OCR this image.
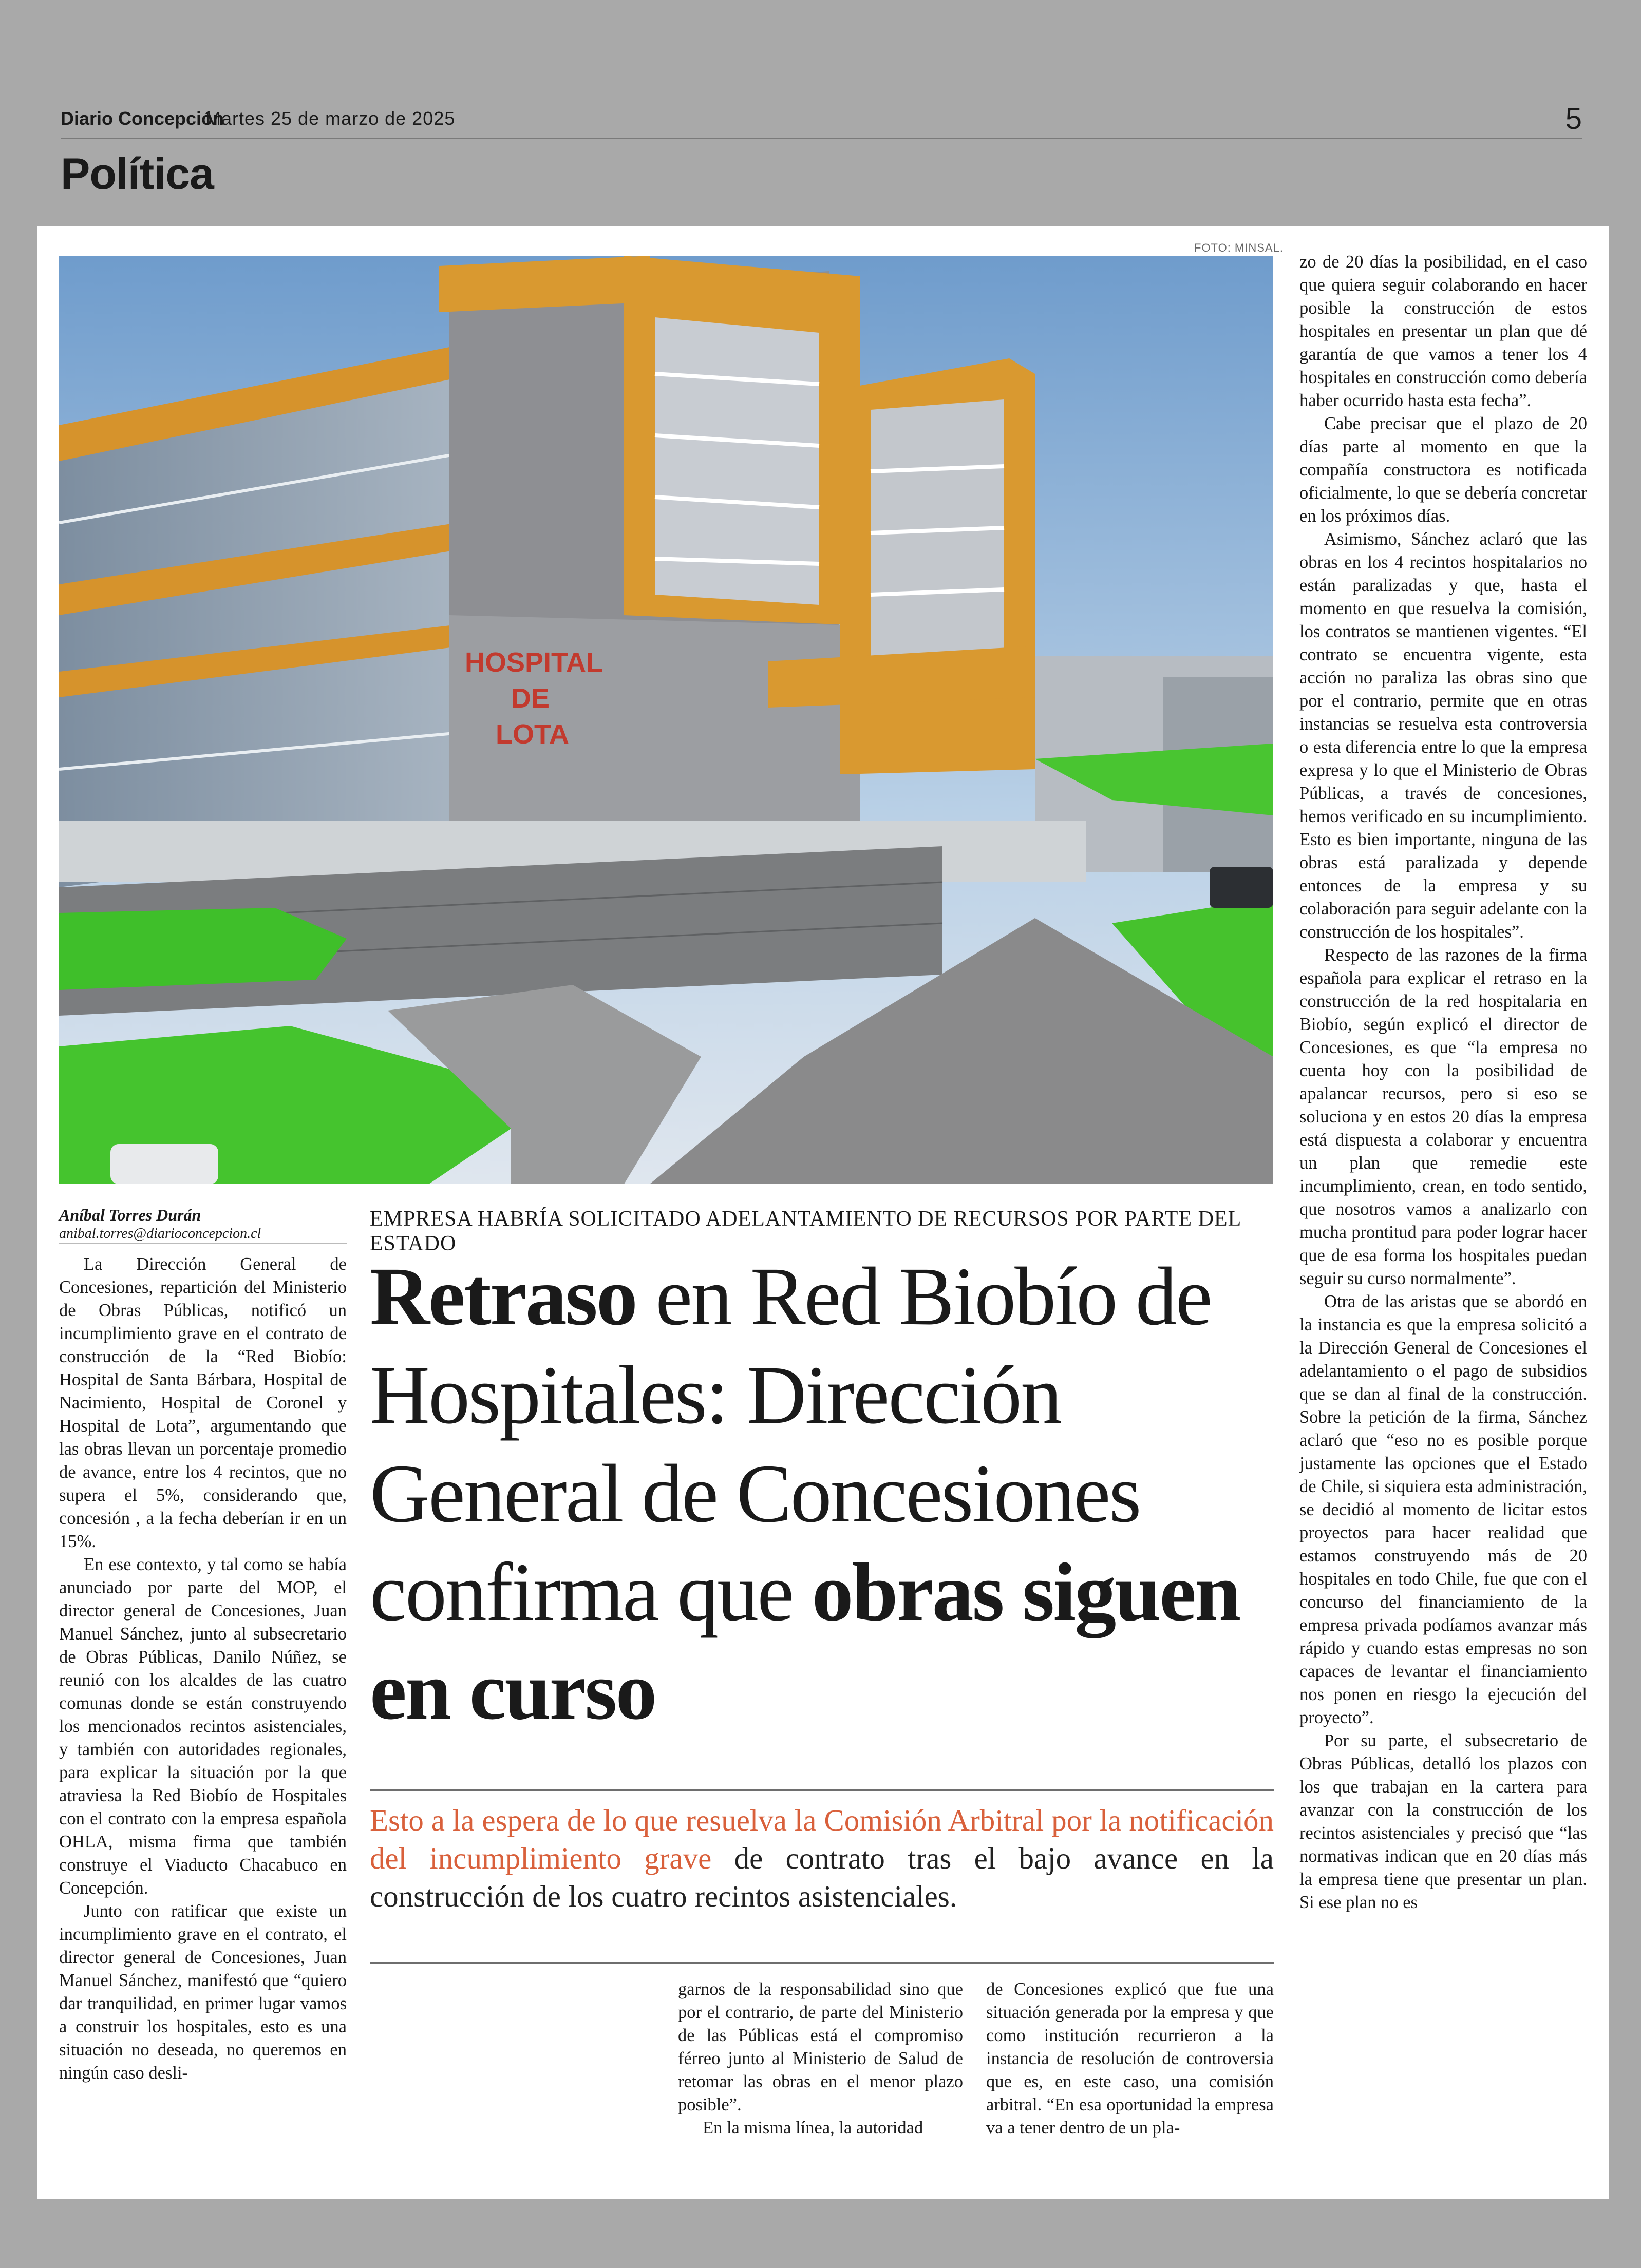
Diario Concepción
Martes 25 de marzo de 2025	5
Política
FOTO: MINSAL.
HOSPITAL
DE
LOTA
Aníbal Torres Durán
anibal.torres@diarioconcepcion.cl

La Dirección General de Concesiones, repartición del Ministerio de Obras Públicas, notificó un incumplimiento grave en el contrato de construcción de la “Red Biobío: Hospital de Santa Bárbara, Hospital de Nacimiento, Hospital de Coronel y Hospital de Lota”, argumentando que las obras llevan un porcentaje promedio de avance, entre los 4 recintos, que no supera el 5%, considerando que, concesión , a la fecha deberían ir en un 15%.

En ese contexto, y tal como se había anunciado por parte del MOP, el director general de Concesiones, Juan Manuel Sánchez, junto al subsecretario de Obras Públicas, Danilo Núñez, se reunió con los alcaldes de las cuatro comunas donde se están construyendo los mencionados recintos asistenciales, y también con autoridades regionales, para explicar la situación por la que atraviesa la Red Biobío de Hospitales con el contrato con la empresa española OHLA, misma firma que también construye el Viaducto Chacabuco en Concepción.

Junto con ratificar que existe un incumplimiento grave en el contrato, el director general de Concesiones, Juan Manuel Sánchez, manifestó que “quiero dar tranquilidad, en primer lugar vamos a construir los hospitales, esto es una situación no deseada, no queremos en ningún caso desli-

EMPRESA HABRÍA SOLICITADO ADELANTAMIENTO DE RECURSOS POR PARTE DEL ESTADO
Retraso en Red Biobío de Hospitales: Dirección General de Concesiones confirma que obras siguen en curso

Esto a la espera de lo que resuelva la Comisión Arbitral por la notificación del incumplimiento grave de contrato tras el bajo avance en la construcción de los cuatro recintos asistenciales.

garnos de la responsabilidad sino que por el contrario, de parte del Ministerio de las Públicas está el compromiso férreo junto al Ministerio de Salud de retomar las obras en el menor plazo posible”.

En la misma línea, la autoridad

de Concesiones explicó que fue una situación generada por la empresa y que como institución recurrieron a la instancia de resolución de controversia que es, en este caso, una comisión arbitral. “En esa oportunidad la empresa va a tener dentro de un pla-

zo de 20 días la posibilidad, en el caso que quiera seguir colaborando en hacer posible la construcción de estos hospitales en presentar un plan que dé garantía de que vamos a tener los 4 hospitales en construcción como debería haber ocurrido hasta esta fecha”.

Cabe precisar que el plazo de 20 días parte al momento en que la compañía constructora es notificada oficialmente, lo que se debería concretar en los próximos días.

Asimismo, Sánchez aclaró que las obras en los 4 recintos hospitalarios no están paralizadas y que, hasta el momento en que resuelva la comisión, los contratos se mantienen vigentes. “El contrato se encuentra vigente, esta acción no paraliza las obras sino que por el contrario, permite que en otras instancias se resuelva esta controversia o esta diferencia entre lo que la empresa expresa y lo que el Ministerio de Obras Públicas, a través de concesiones, hemos verificado en su incumplimiento. Esto es bien importante, ninguna de las obras está paralizada y depende entonces de la empresa y su colaboración para seguir adelante con la construcción de los hospitales”.

Respecto de las razones de la firma española para explicar el retraso en la construcción de la red hospitalaria en Biobío, según explicó el director de Concesiones, es que “la empresa no cuenta hoy con la posibilidad de apalancar recursos, pero si eso se soluciona y en estos 20 días la empresa está dispuesta a colaborar y encuentra un plan que remedie este incumplimiento, crean, en todo sentido, que nosotros vamos a analizarlo con mucha prontitud para poder lograr hacer que de esa forma los hospitales puedan seguir su curso normalmente”.

Otra de las aristas que se abordó en la instancia es que la empresa solicitó a la Dirección General de Concesiones el adelantamiento o el pago de subsidios que se dan al final de la construcción. Sobre la petición de la firma, Sánchez aclaró que “eso no es posible porque justamente las opciones que el Estado de Chile, si siquiera esta administración, se decidió al momento de licitar estos proyectos para hacer realidad que estamos construyendo más de 20 hospitales en todo Chile, fue que con el concurso del financiamiento de la empresa privada podíamos avanzar más rápido y cuando estas empresas no son capaces de levantar el financiamiento nos ponen en riesgo la ejecución del proyecto”.

Por su parte, el subsecretario de Obras Públicas, detalló los plazos con los que trabajan en la cartera para avanzar con la construcción de los recintos asistenciales y precisó que “las normativas indican que en 20 días más la empresa tiene que presentar un plan. Si ese plan no es
